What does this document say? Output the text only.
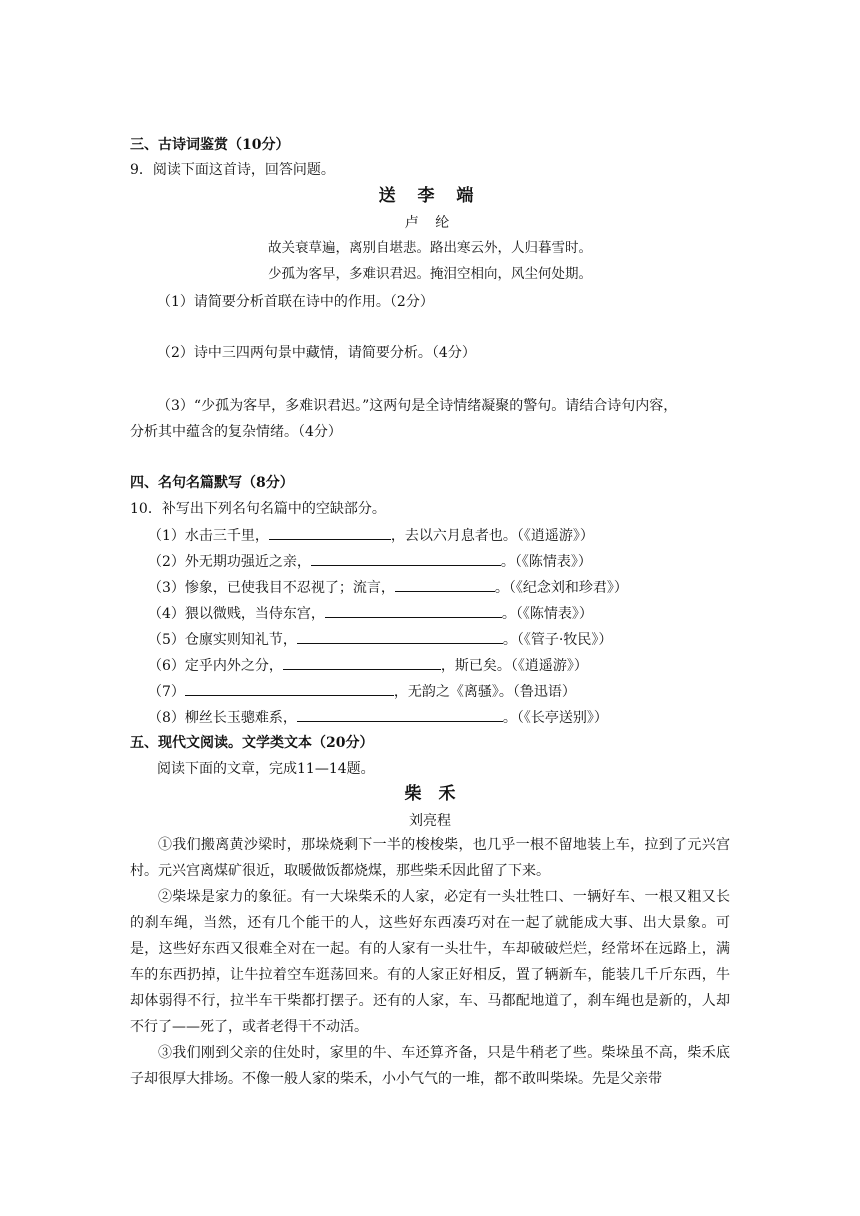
三、古诗词鉴赏（10分）
9．阅读下面这首诗，回答问题。
送 李 端
卢 纶
故关衰草遍，离别自堪悲。路出寒云外，人归暮雪时。
少孤为客早，多难识君迟。掩泪空相向，风尘何处期。
（1）请简要分析首联在诗中的作用。（2分）
（2）诗中三四两句景中藏情，请简要分析。（4分）
（3）“少孤为客早，多难识君迟。”这两句是全诗情绪凝聚的警句。请结合诗句内容，
分析其中蕴含的复杂情绪。（4分）
四、名句名篇默写（8分）
10．补写出下列名句名篇中的空缺部分。
（1）水击三千里，	，去以六月息者也。（《逍遥游》）
（2）外无期功强近之亲，	。（《陈情表》）
（3）惨象，已使我目不忍视了；流言，	。（《纪念刘和珍君》）
（4）猥以微贱，当侍东宫，	。（《陈情表》）
（5）仓廪实则知礼节，	。（《管子·牧民》）
（6）定乎内外之分，	，斯已矣。（《逍遥游》）
（7）	，无韵之《离骚》。（鲁迅语）
（8）柳丝长玉骢难系，	。（《长亭送别》）
五、现代文阅读。文学类文本（20分）
阅读下面的文章，完成11—14题。
柴　禾
刘亮程
①我们搬离黄沙梁时，那垛烧剩下一半的梭梭柴，也几乎一根不留地装上车，拉到了元兴宫村。元兴宫离煤矿很近，取暖做饭都烧煤，那些柴禾因此留了下来。
②柴垛是家力的象征。有一大垛柴禾的人家，必定有一头壮牲口、一辆好车、一根又粗又长的刹车绳，当然，还有几个能干的人，这些好东西凑巧对在一起了就能成大事、出大景象。可是，这些好东西又很难全对在一起。有的人家有一头壮牛，车却破破烂烂，经常坏在远路上，满车的东西扔掉，让牛拉着空车逛荡回来。有的人家正好相反，置了辆新车，能装几千斤东西，牛却体弱得不行，拉半车干柴都打摆子。还有的人家，车、马都配地道了，刹车绳也是新的，人却不行了——死了，或者老得干不动活。
③我们刚到父亲的住处时，家里的牛、车还算齐备，只是牛稍老了些。柴垛虽不高，柴禾底子却很厚大排场。不像一般人家的柴禾，小小气气的一堆，都不敢叫柴垛。先是父亲带
